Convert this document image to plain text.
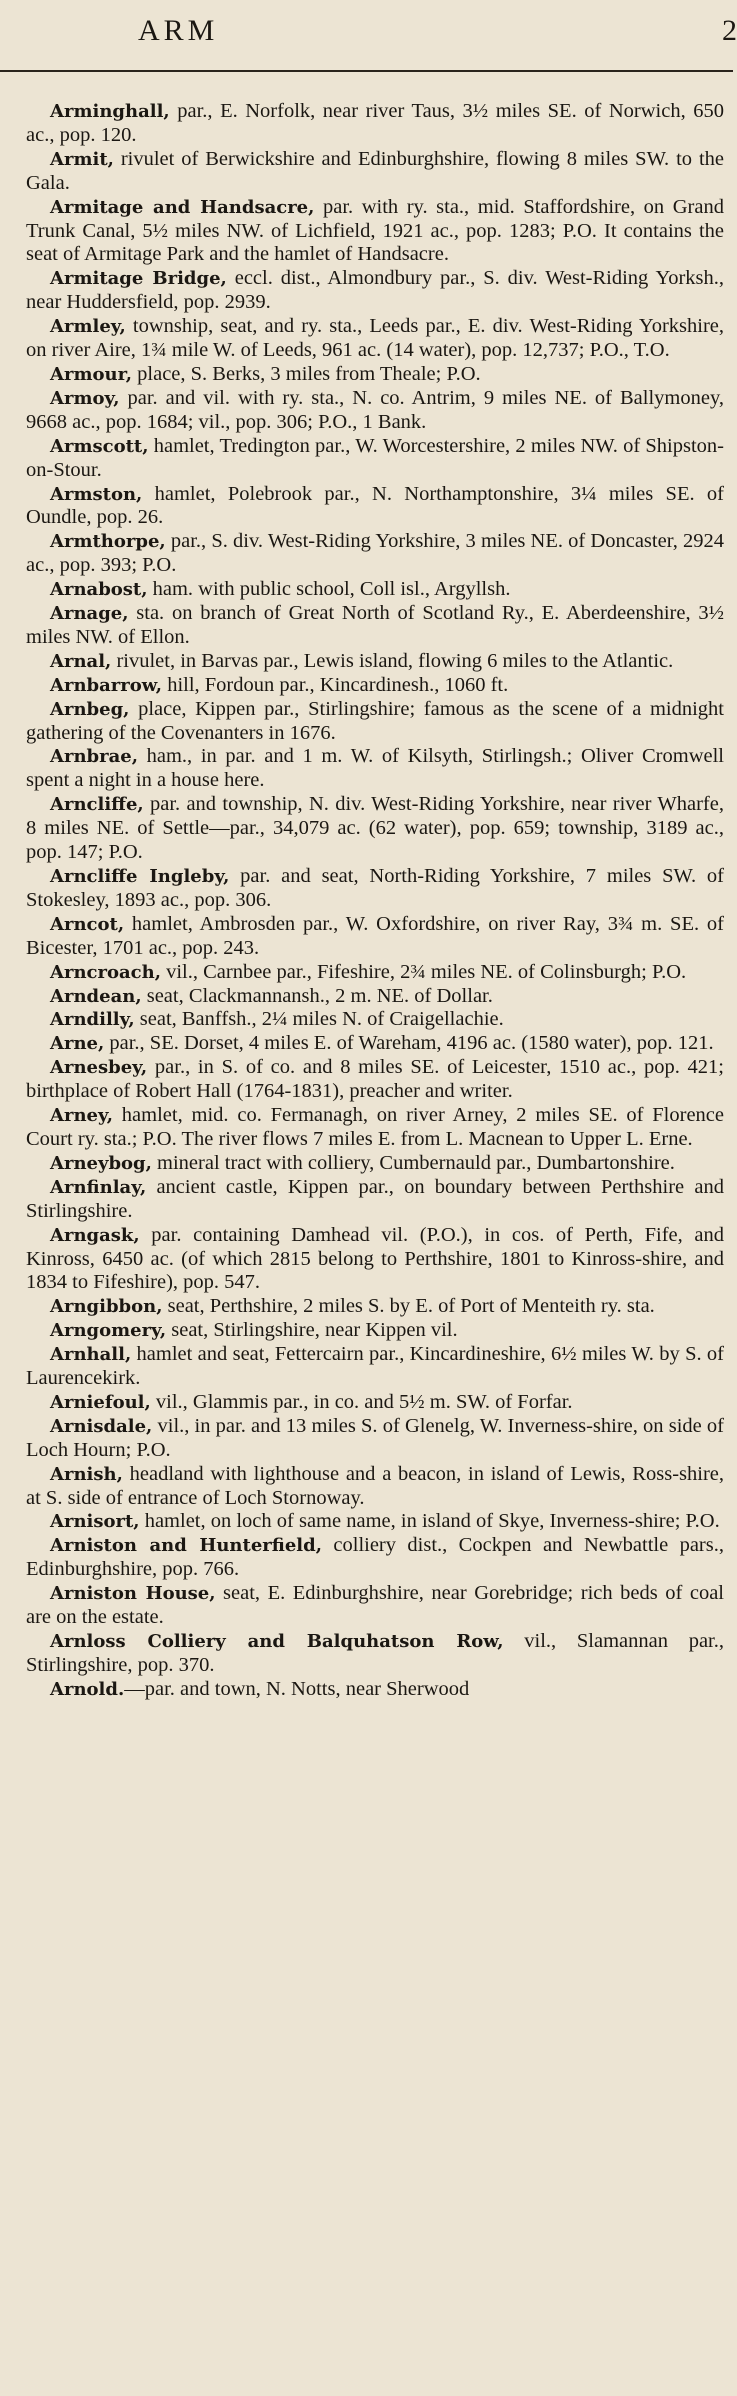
ARM	2

Arminghall, par., E. Norfolk, near river Taus, 3½ miles SE. of Norwich, 650 ac., pop. 120.

Armit, rivulet of Berwickshire and Edinburghshire, flowing 8 miles SW. to the Gala.

Armitage and Handsacre, par. with ry. sta., mid. Staffordshire, on Grand Trunk Canal, 5½ miles NW. of Lichfield, 1921 ac., pop. 1283; P.O. It contains the seat of Armitage Park and the hamlet of Handsacre.

Armitage Bridge, eccl. dist., Almondbury par., S. div. West-Riding Yorksh., near Huddersfield, pop. 2939.

Armley, township, seat, and ry. sta., Leeds par., E. div. West-Riding Yorkshire, on river Aire, 1¾ mile W. of Leeds, 961 ac. (14 water), pop. 12,737; P.O., T.O.

Armour, place, S. Berks, 3 miles from Theale; P.O.

Armoy, par. and vil. with ry. sta., N. co. Antrim, 9 miles NE. of Ballymoney, 9668 ac., pop. 1684; vil., pop. 306; P.O., 1 Bank.

Armscott, hamlet, Tredington par., W. Worcestershire, 2 miles NW. of Shipston-on-Stour.

Armston, hamlet, Polebrook par., N. Northamptonshire, 3¼ miles SE. of Oundle, pop. 26.

Armthorpe, par., S. div. West-Riding Yorkshire, 3 miles NE. of Doncaster, 2924 ac., pop. 393; P.O.

Arnabost, ham. with public school, Coll isl., Argyllsh.

Arnage, sta. on branch of Great North of Scotland Ry., E. Aberdeenshire, 3½ miles NW. of Ellon.

Arnal, rivulet, in Barvas par., Lewis island, flowing 6 miles to the Atlantic.

Arnbarrow, hill, Fordoun par., Kincardinesh., 1060 ft.

Arnbeg, place, Kippen par., Stirlingshire; famous as the scene of a midnight gathering of the Covenanters in 1676.

Arnbrae, ham., in par. and 1 m. W. of Kilsyth, Stirlingsh.; Oliver Cromwell spent a night in a house here.

Arncliffe, par. and township, N. div. West-Riding Yorkshire, near river Wharfe, 8 miles NE. of Settle—par., 34,079 ac. (62 water), pop. 659; township, 3189 ac., pop. 147; P.O.

Arncliffe Ingleby, par. and seat, North-Riding Yorkshire, 7 miles SW. of Stokesley, 1893 ac., pop. 306.

Arncot, hamlet, Ambrosden par., W. Oxfordshire, on river Ray, 3¾ m. SE. of Bicester, 1701 ac., pop. 243.

Arncroach, vil., Carnbee par., Fifeshire, 2¾ miles NE. of Colinsburgh; P.O.

Arndean, seat, Clackmannansh., 2 m. NE. of Dollar.

Arndilly, seat, Banffsh., 2¼ miles N. of Craigellachie.

Arne, par., SE. Dorset, 4 miles E. of Wareham, 4196 ac. (1580 water), pop. 121.

Arnesbey, par., in S. of co. and 8 miles SE. of Leicester, 1510 ac., pop. 421; birthplace of Robert Hall (1764-1831), preacher and writer.

Arney, hamlet, mid. co. Fermanagh, on river Arney, 2 miles SE. of Florence Court ry. sta.; P.O. The river flows 7 miles E. from L. Macnean to Upper L. Erne.

Arneybog, mineral tract with colliery, Cumbernauld par., Dumbartonshire.

Arnfinlay, ancient castle, Kippen par., on boundary between Perthshire and Stirlingshire.

Arngask, par. containing Damhead vil. (P.O.), in cos. of Perth, Fife, and Kinross, 6450 ac. (of which 2815 belong to Perthshire, 1801 to Kinross-shire, and 1834 to Fifeshire), pop. 547.

Arngibbon, seat, Perthshire, 2 miles S. by E. of Port of Menteith ry. sta.

Arngomery, seat, Stirlingshire, near Kippen vil.

Arnhall, hamlet and seat, Fettercairn par., Kincardineshire, 6½ miles W. by S. of Laurencekirk.

Arniefoul, vil., Glammis par., in co. and 5½ m. SW. of Forfar.

Arnisdale, vil., in par. and 13 miles S. of Glenelg, W. Inverness-shire, on side of Loch Hourn; P.O.

Arnish, headland with lighthouse and a beacon, in island of Lewis, Ross-shire, at S. side of entrance of Loch Stornoway.

Arnisort, hamlet, on loch of same name, in island of Skye, Inverness-shire; P.O.

Arniston and Hunterfield, colliery dist., Cockpen and Newbattle pars., Edinburghshire, pop. 766.

Arniston House, seat, E. Edinburghshire, near Gorebridge; rich beds of coal are on the estate.

Arnloss Colliery and Balquhatson Row, vil., Slamannan par., Stirlingshire, pop. 370.

Arnold.—par. and town, N. Notts, near Sherwood
